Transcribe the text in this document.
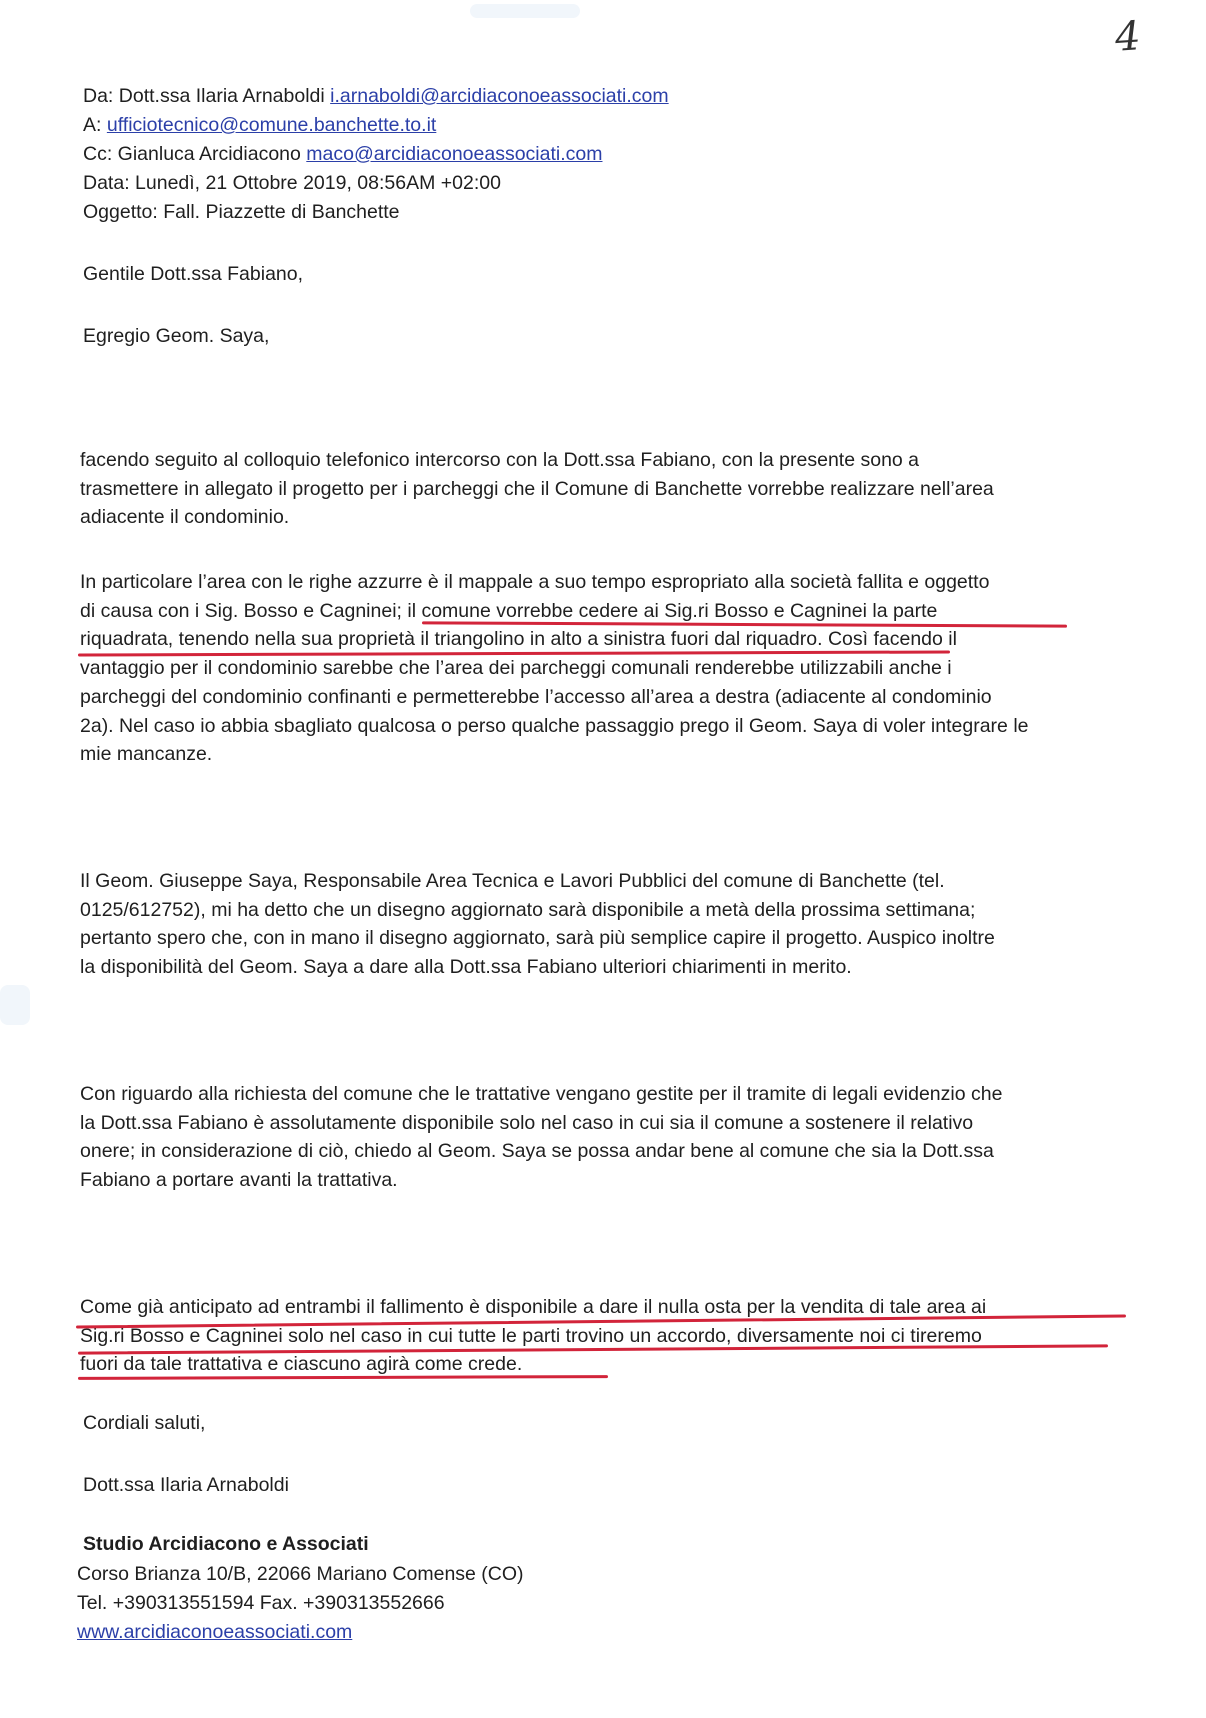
4
Da: Dott.ssa Ilaria Arnaboldi i.arnaboldi@arcidiaconoeassociati.com
A: ufficiotecnico@comune.banchette.to.it
Cc: Gianluca Arcidiacono maco@arcidiaconoeassociati.com
Data: Lunedì, 21 Ottobre 2019, 08:56AM +02:00
Oggetto: Fall. Piazzette di Banchette
Gentile Dott.ssa Fabiano,
Egregio Geom. Saya,
facendo seguito al colloquio telefonico intercorso con la Dott.ssa Fabiano, con la presente sono a
trasmettere in allegato il progetto per i parcheggi che il Comune di Banchette vorrebbe realizzare nell’area
adiacente il condominio.
In particolare l’area con le righe azzurre è il mappale a suo tempo espropriato alla società fallita e oggetto
di causa con i Sig. Bosso e Cagninei; il comune vorrebbe cedere ai Sig.ri Bosso e Cagninei la parte
riquadrata, tenendo nella sua proprietà il triangolino in alto a sinistra fuori dal riquadro. Così facendo il
vantaggio per il condominio sarebbe che l’area dei parcheggi comunali renderebbe utilizzabili anche i
parcheggi del condominio confinanti e permetterebbe l’accesso all’area a destra (adiacente al condominio
2a). Nel caso io abbia sbagliato qualcosa o perso qualche passaggio prego il Geom. Saya di voler integrare le
mie mancanze.
Il Geom. Giuseppe Saya, Responsabile Area Tecnica e Lavori Pubblici del comune di Banchette (tel.
0125/612752), mi ha detto che un disegno aggiornato sarà disponibile a metà della prossima settimana;
pertanto spero che, con in mano il disegno aggiornato, sarà più semplice capire il progetto. Auspico inoltre
la disponibilità del Geom. Saya a dare alla Dott.ssa Fabiano ulteriori chiarimenti in merito.
Con riguardo alla richiesta del comune che le trattative vengano gestite per il tramite di legali evidenzio che
la Dott.ssa Fabiano è assolutamente disponibile solo nel caso in cui sia il comune a sostenere il relativo
onere; in considerazione di ciò, chiedo al Geom. Saya se possa andar bene al comune che sia la Dott.ssa
Fabiano a portare avanti la trattativa.
Come già anticipato ad entrambi il fallimento è disponibile a dare il nulla osta per la vendita di tale area ai
Sig.ri Bosso e Cagninei solo nel caso in cui tutte le parti trovino un accordo, diversamente noi ci tireremo
fuori da tale trattativa e ciascuno agirà come crede.
Cordiali saluti,
Dott.ssa Ilaria Arnaboldi
Studio Arcidiacono e Associati
Corso Brianza 10/B, 22066 Mariano Comense (CO)
Tel. +390313551594 Fax. +390313552666
www.arcidiaconoeassociati.com
